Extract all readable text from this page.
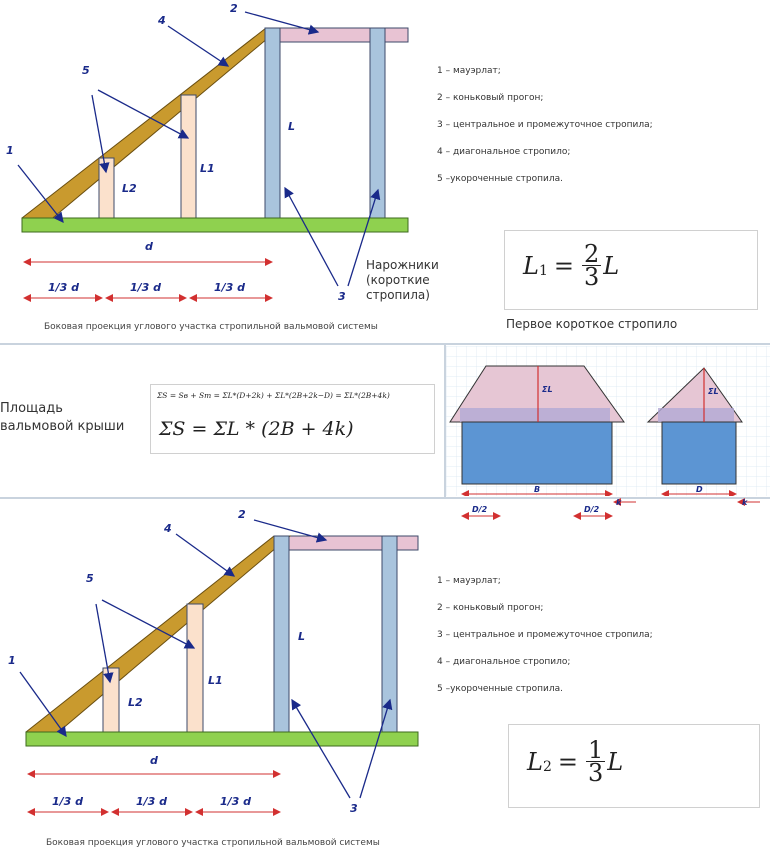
1
2
3
4
5
L
L1
L2
d
1/3 d	1/3 d	1/3 d
Боковая проекция углового участка стропильной вальмовой системы
1 – мауэрлат;
2 – коньковый прогон;
3 – центральное и промежуточное стропила;
4 – диагональное стропило;
5 –укороченные стропила.
Нарожники (короткие стропила)
$L_1 = \frac{2}{3}$ L
Первое короткое стропило
Площадь вальмовой крыши
ΣS = Sв + Sт = ΣL*(D+2k) + ΣL*(2B+2k−D) = ΣL*(2B+4k)
ΣS = ΣL * (2B + 4k)
ΣL	ΣL
B	D
D/2	D/2
k	k
1
2
3
4
5
L
L1
L2
d
1/3 d	1/3 d	1/3 d
Боковая проекция углового участка стропильной вальмовой системы
1 – мауэрлат;
2 – коньковый прогон;
3 – центральное и промежуточное стропила;
4 – диагональное стропило;
5 –укороченные стропила.
$L_2 = \frac{1}{3}$ L
